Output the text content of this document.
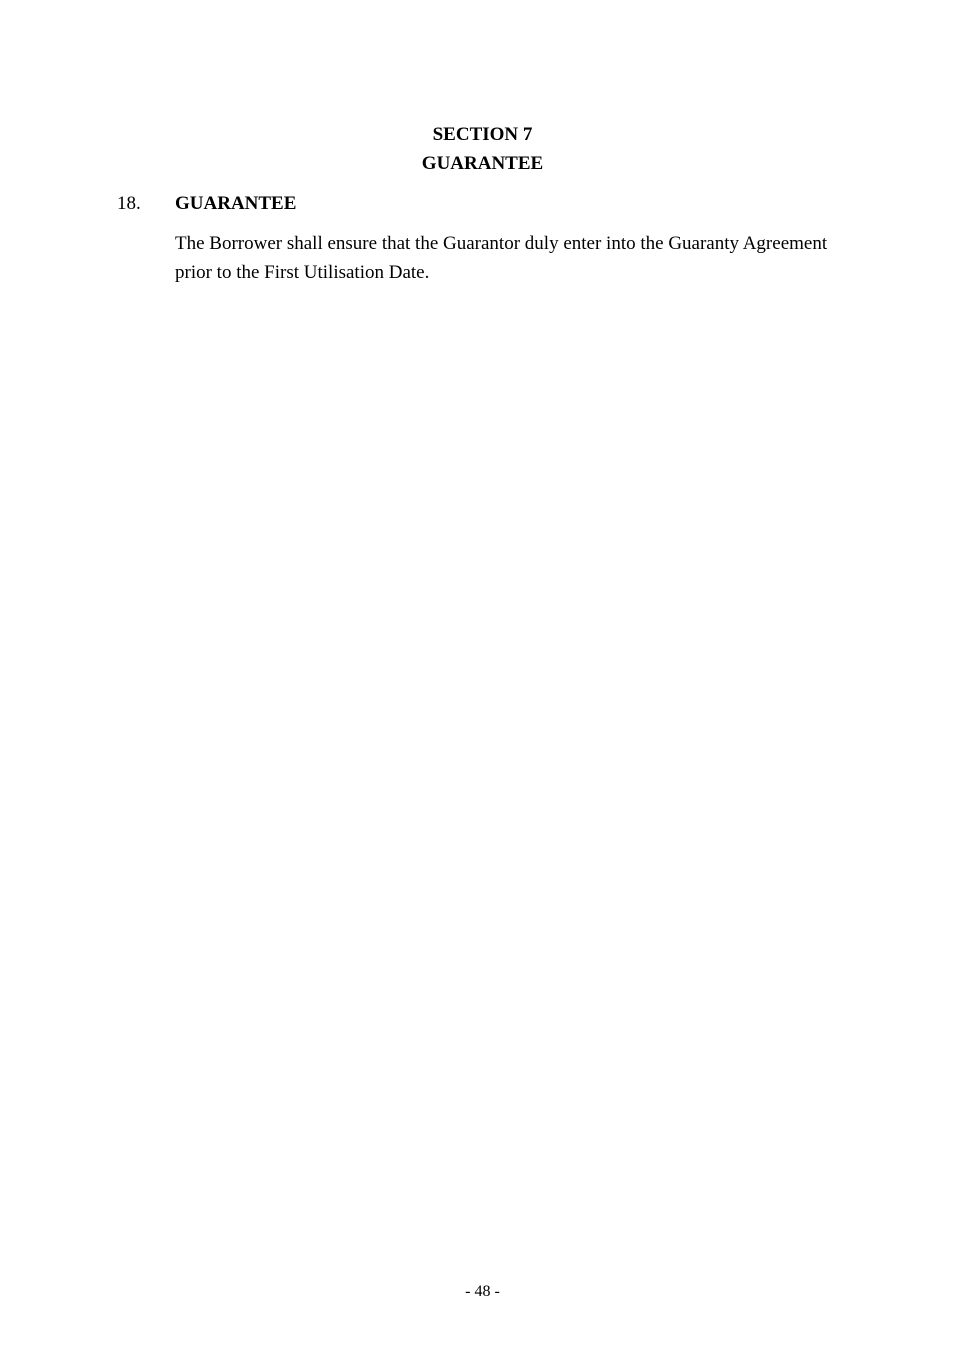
SECTION 7
GUARANTEE
18. GUARANTEE
The Borrower shall ensure that the Guarantor duly enter into the Guaranty Agreement
prior to the First Utilisation Date.
- 48 -
